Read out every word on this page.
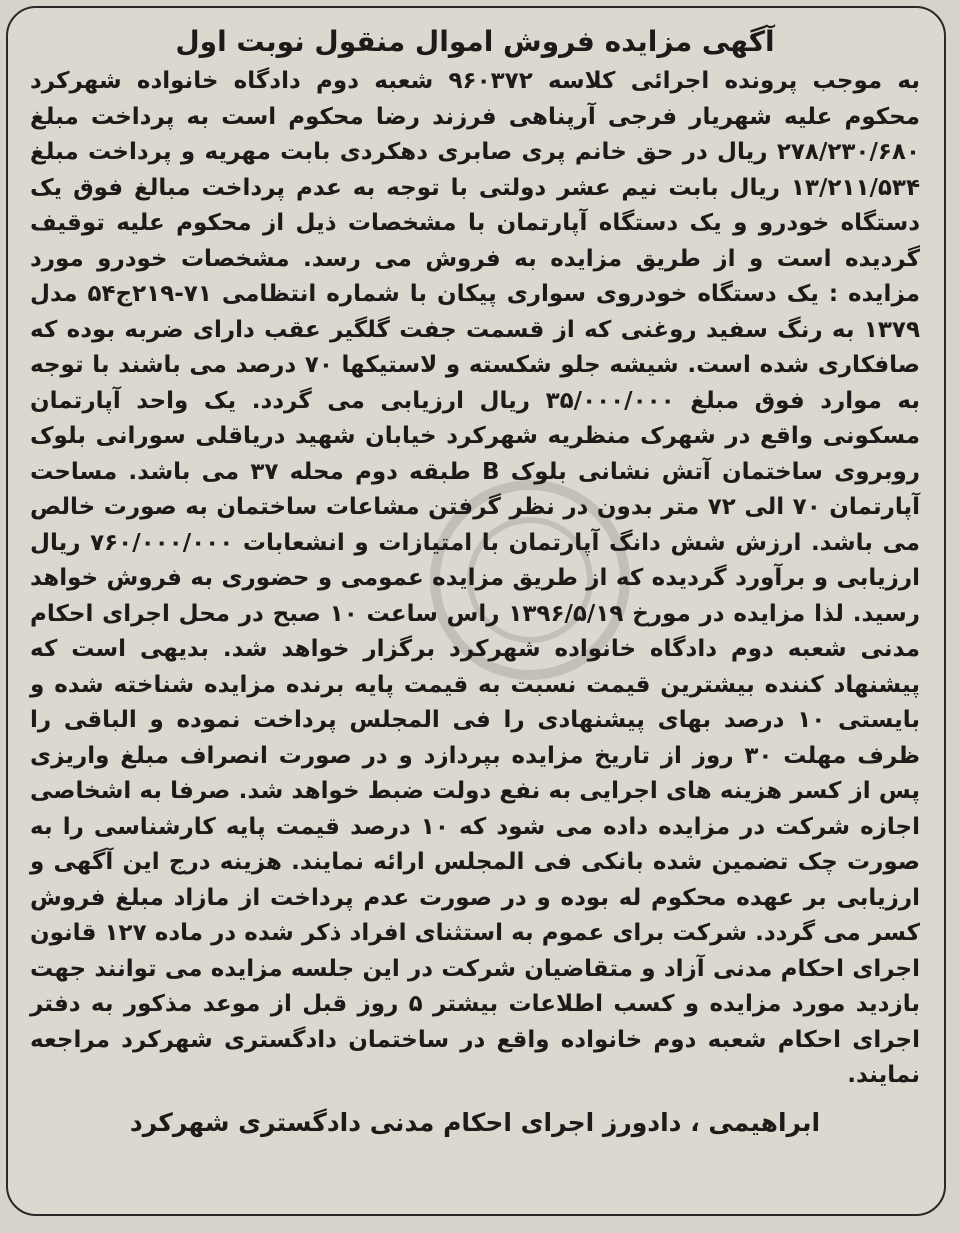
آگهی مزایده فروش اموال منقول نوبت اول

به موجب پرونده اجرائی کلاسه ۹۶۰۳۷۲ شعبه دوم دادگاه خانواده شهرکرد محکوم علیه شهریار فرجی آرپناهی فرزند رضا محکوم است به پرداخت مبلغ ۲۷۸/۲۳۰/۶۸۰ ریال در حق خانم پری صابری دهکردی بابت مهریه و پرداخت مبلغ ۱۳/۲۱۱/۵۳۴ ریال بابت نیم عشر دولتی با توجه به عدم پرداخت مبالغ فوق یک دستگاه خودرو و یک دستگاه آپارتمان با مشخصات ذیل از محکوم علیه توقیف گردیده است و از طریق مزایده به فروش می رسد. مشخصات خودرو مورد مزایده : یک دستگاه خودروی سواری پیکان با شماره انتظامی ۷۱-۲۱۹ج۵۴ مدل ۱۳۷۹ به رنگ سفید روغنی که از قسمت جفت گلگیر عقب دارای ضربه بوده که صافکاری شده است. شیشه جلو شکسته و لاستیکها ۷۰ درصد می باشند با توجه به موارد فوق مبلغ ۳۵/۰۰۰/۰۰۰ ریال ارزیابی می گردد. یک واحد آپارتمان مسکونی واقع در شهرک منظریه شهرکرد خیابان شهید دریاقلی سورانی بلوک روبروی ساختمان آتش نشانی بلوک B طبقه دوم محله ۳۷ می باشد. مساحت آپارتمان ۷۰ الی ۷۲ متر بدون در نظر گرفتن مشاعات ساختمان به صورت خالص می باشد. ارزش شش دانگ آپارتمان با امتیازات و انشعابات ۷۶۰/۰۰۰/۰۰۰ ریال ارزیابی و برآورد گردیده که از طریق مزایده عمومی و حضوری به فروش خواهد رسید. لذا مزایده در مورخ ۱۳۹۶/۵/۱۹ راس ساعت ۱۰ صبح در محل اجرای احکام مدنی شعبه دوم دادگاه خانواده شهرکرد برگزار خواهد شد. بدیهی است که پیشنهاد کننده بیشترین قیمت نسبت به قیمت پایه برنده مزایده شناخته شده و بایستی ۱۰ درصد بهای پیشنهادی را فی المجلس پرداخت نموده و الباقی را ظرف مهلت ۳۰ روز از تاریخ مزایده بپردازد و در صورت انصراف مبلغ واریزی پس از کسر هزینه های اجرایی به نفع دولت ضبط خواهد شد. صرفا به اشخاصی اجازه شرکت در مزایده داده می شود که ۱۰ درصد قیمت پایه کارشناسی را به صورت چک تضمین شده بانکی فی المجلس ارائه نمایند. هزینه درج این آگهی و ارزیابی بر عهده محکوم له بوده و در صورت عدم پرداخت از مازاد مبلغ فروش کسر می گردد. شرکت برای عموم به استثنای افراد ذکر شده در ماده ۱۲۷ قانون اجرای احکام مدنی آزاد و متقاضیان شرکت در این جلسه مزایده می توانند جهت بازدید مورد مزایده و کسب اطلاعات بیشتر ۵ روز قبل از موعد مذکور به دفتر اجرای احکام شعبه دوم خانواده واقع در ساختمان دادگستری شهرکرد مراجعه نمایند.

ابراهیمی ، دادورز اجرای احکام مدنی دادگستری شهرکرد
